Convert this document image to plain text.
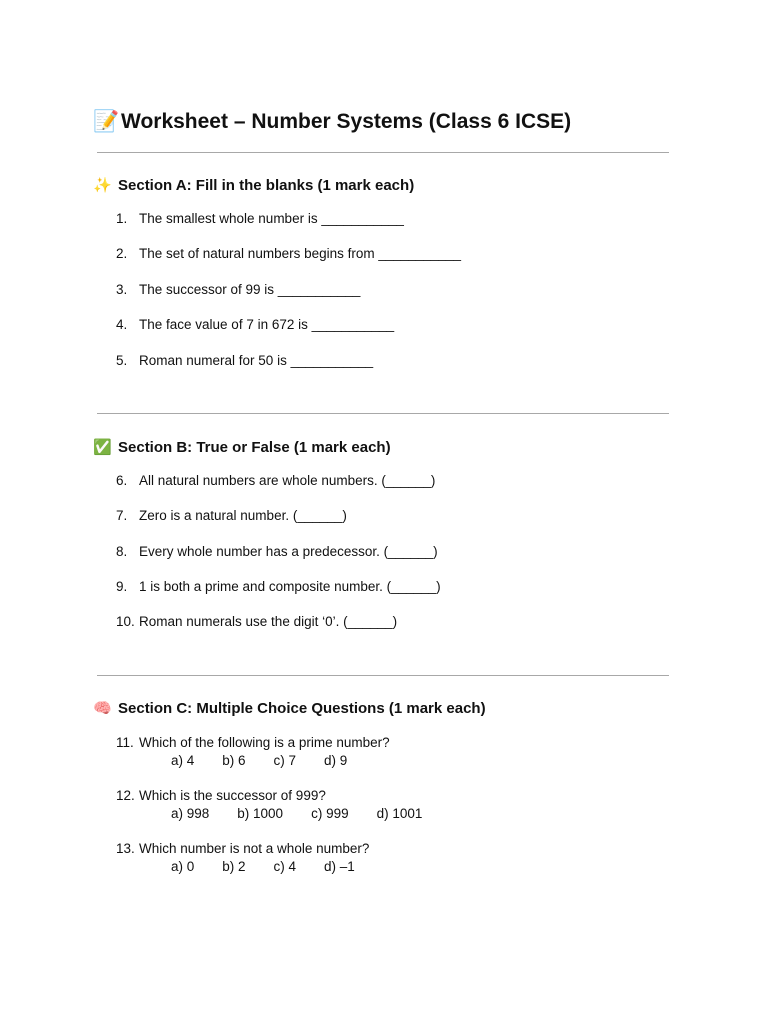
📝Worksheet – Number Systems (Class 6 ICSE)
✨ Section A: Fill in the blanks (1 mark each)
1. The smallest whole number is ___________
2. The set of natural numbers begins from ___________
3. The successor of 99 is ___________
4. The face value of 7 in 672 is ___________
5. Roman numeral for 50 is ___________
✅ Section B: True or False (1 mark each)
6. All natural numbers are whole numbers. (______)
7. Zero is a natural number. (______)
8. Every whole number has a predecessor. (______)
9. 1 is both a prime and composite number. (______)
10. Roman numerals use the digit ‘0’. (______)
🧠 Section C: Multiple Choice Questions (1 mark each)
11. Which of the following is a prime number?
a) 4 b) 6 c) 7 d) 9
12. Which is the successor of 999?
a) 998 b) 1000 c) 999 d) 1001
13. Which number is not a whole number?
a) 0 b) 2 c) 4 d) –1
